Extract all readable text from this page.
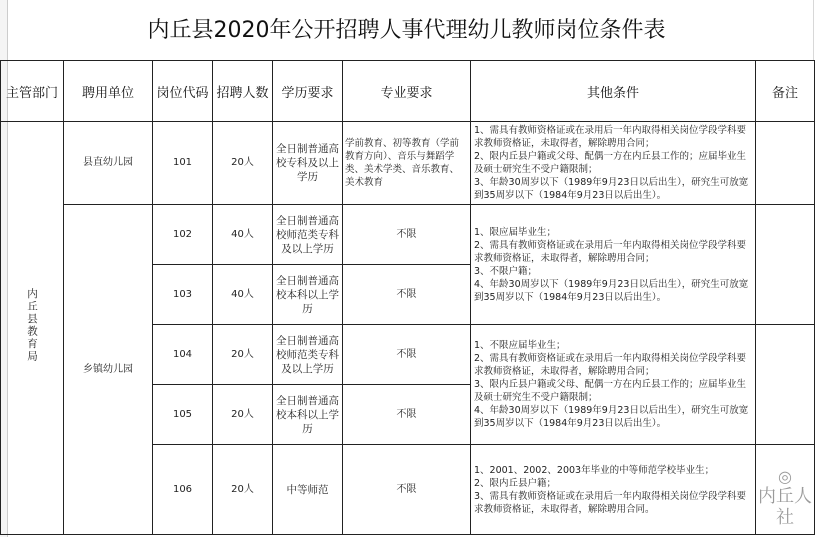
内丘县2020年公开招聘人事代理幼儿教师岗位条件表
主管部门	聘用单位	岗位代码	招聘人数	学历要求	专业要求	其他条件	备注
内丘县教育局	县直幼儿园	101	20人	全日制普通高校专科及以上学历	学前教育、初等教育（学前教育方向）、音乐与舞蹈学类、美术学类、音乐教育、美术教育	1、需具有教师资格证或在录用后一年内取得相关岗位学段学科要求教师资格证，未取得者，解除聘用合同；
2、限内丘县户籍或父母、配偶一方在内丘县工作的；应届毕业生及硕士研究生不受户籍限制；
3、年龄30周岁以下（1989年9月23日以后出生），研究生可放宽到35周岁以下（1984年9月23日以后出生）。	
	乡镇幼儿园	102	40人	全日制普通高校师范类专科及以上学历	不限	1、限应届毕业生；
2、需具有教师资格证或在录用后一年内取得相关岗位学段学科要求教师资格证，未取得者，解除聘用合同；
3、不限户籍；
4、年龄30周岁以下（1989年9月23日以后出生），研究生可放宽到35周岁以下（1984年9月23日以后出生）。	
		103	40人	全日制普通高校本科以上学历	不限		
		104	20人	全日制普通高校师范类专科及以上学历	不限	1、不限应届毕业生；
2、需具有教师资格证或在录用后一年内取得相关岗位学段学科要求教师资格证，未取得者，解除聘用合同；
3、限内丘县户籍或父母、配偶一方在内丘县工作的；应届毕业生及硕士研究生不受户籍限制；
4、年龄30周岁以下（1989年9月23日以后出生），研究生可放宽到35周岁以下（1984年9月23日以后出生）。	
		105	20人	全日制普通高校本科以上学历	不限		
		106	20人	中等师范	不限	1、2001、2002、2003年毕业的中等师范学校毕业生；
2、限内丘县户籍；
3、需具有教师资格证或在录用后一年内取得相关岗位学段学科要求教师资格证，未取得者，解除聘用合同。	◎
内丘人社
